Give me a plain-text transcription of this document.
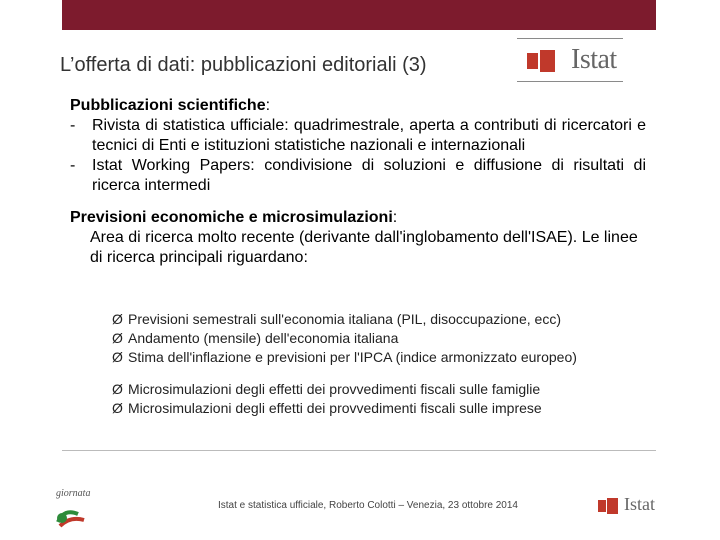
L’offerta di dati: pubblicazioni editoriali (3)	Istat
Pubblicazioni scientifiche:
-	Rivista di statistica ufficiale: quadrimestrale, aperta a contributi di ricercatori e tecnici di Enti e istituzioni statistiche nazionali e internazionali
-	Istat Working Papers: condivisione di soluzioni e diffusione di risultati di ricerca intermedi
Previsioni economiche e microsimulazioni:
Area di ricerca molto recente (derivante dall'inglobamento dell'ISAE). Le linee di ricerca principali riguardano:
Ø Previsioni semestrali sull'economia italiana (PIL, disoccupazione, ecc)
Ø Andamento (mensile) dell'economia italiana
Ø Stima dell'inflazione e previsioni per l'IPCA (indice armonizzato europeo)
Ø Microsimulazioni degli effetti dei provvedimenti fiscali sulle famiglie
Ø Microsimulazioni degli effetti dei provvedimenti fiscali sulle imprese
giornata
Istat e statistica ufficiale, Roberto Colotti – Venezia, 23 ottobre 2014	Istat
